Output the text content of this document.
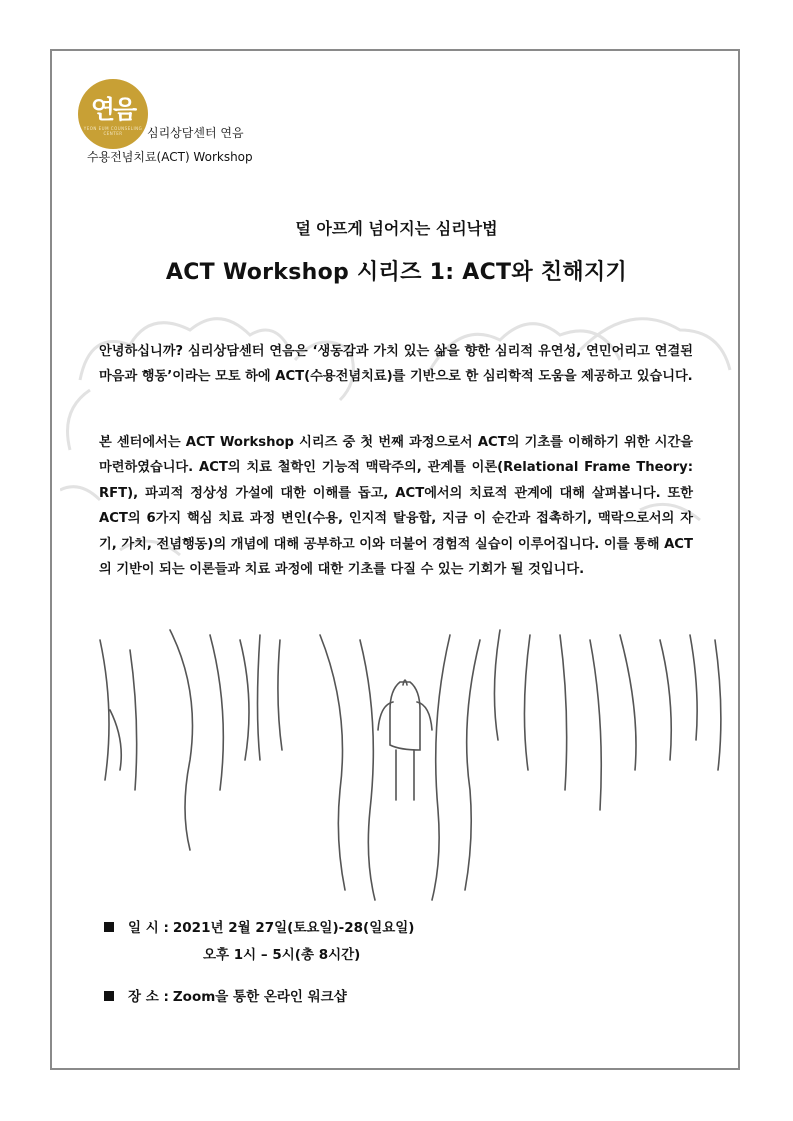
연음
YEON EUM COUNSELING CENTER	심리상담센터 연음
수용전념치료(ACT) Workshop

안녕하십니까? 심리상담센터 연음은 ‘생동감과 가치 있는 삶을 향한 심리적 유연성, 연민어리고 연결된 마음과 행동’이라는 모토 하에 ACT(수용전념치료)를 기반으로 한 심리학적 도움을 제공하고 있습니다.

본 센터에서는 ACT Workshop 시리즈 중 첫 번째 과정으로서 ACT의 기초를 이해하기 위한 시간을 마련하였습니다. ACT의 치료 철학인 기능적 맥락주의, 관계틀 이론(Relational Frame Theory: RFT), 파괴적 정상성 가설에 대한 이해를 돕고, ACT에서의 치료적 관계에 대해 살펴봅니다. 또한 ACT의 6가지 핵심 치료 과정 변인(수용, 인지적 탈융합, 지금 이 순간과 접촉하기, 맥락으로서의 자기, 가치, 전념행동)의 개념에 대해 공부하고 이와 더불어 경험적 실습이 이루어집니다. 이를 통해 ACT의 기반이 되는 이론들과 치료 과정에 대한 기초를 다질 수 있는 기회가 될 것입니다.

덜 아프게 넘어지는 심리낙법
ACT Workshop 시리즈 1: ACT와 친해지기
일 시 : 2021년 2월 27일(토요일)-28(일요일)
오후 1시 – 5시(총 8시간)
장 소 : Zoom을 통한 온라인 워크샵
